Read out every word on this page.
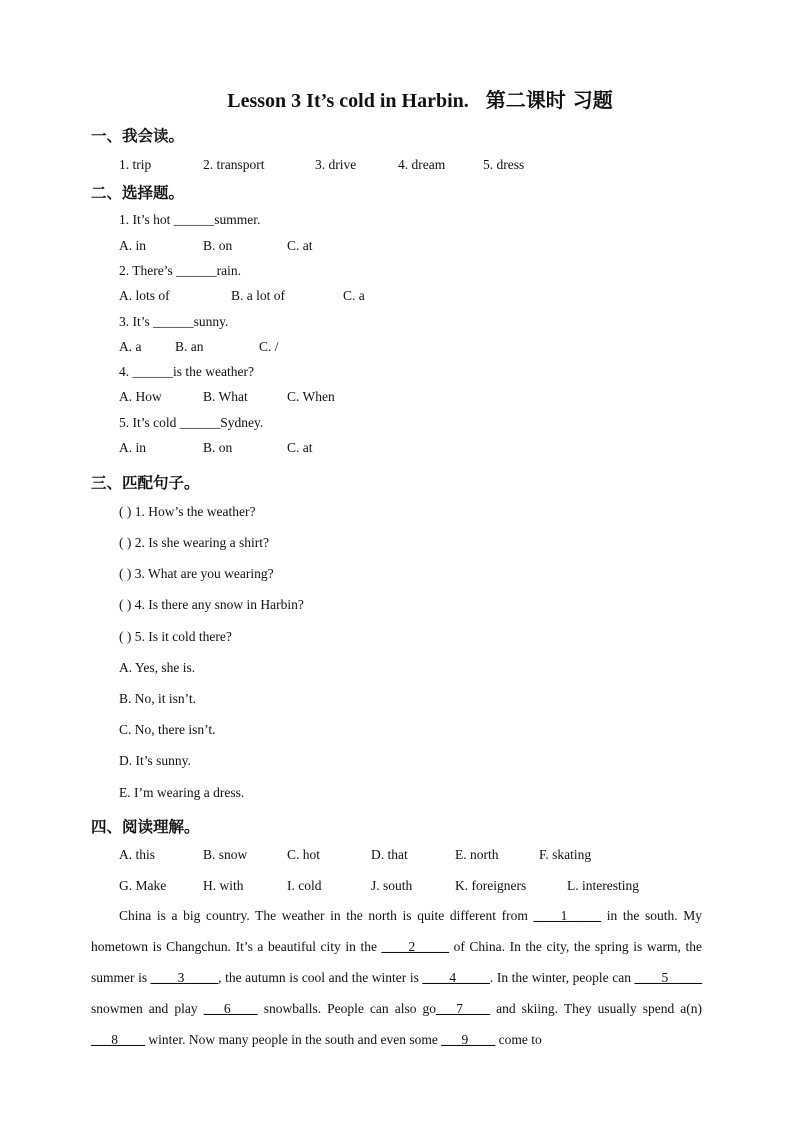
Lesson 3 It’s cold in Harbin. 第二课时 习题
一、我会读。
1. trip	2. transport	3. drive	4. dream	5. dress
二、选择题。
1. It’s hot ______summer.
A. in	B. on	C. at
2. There’s ______rain.
A. lots of	B. a lot of	C. a
3. It’s ______sunny.
A. a B. an	C. /
4. ______is the weather?
A. How	B. What	C. When
5. It’s cold ______Sydney.
A. in	B. on	C. at
三、匹配句子。
( ) 1. How’s the weather?
( ) 2. Is she wearing a shirt?
( ) 3. What are you wearing?
( ) 4. Is there any snow in Harbin?
( ) 5. Is it cold there?
A. Yes, she is.
B. No, it isn’t.
C. No, there isn’t.
D. It’s sunny.
E. I’m wearing a dress.
四、阅读理解。
A. this	B. snow	C. hot	D. that	E. north	F. skating
G. Make	H. with	I. cold	J. south	K. foreigners	L. interesting
China is a big country. The weather in the north is quite different from ____1_____ in the south. My hometown is Changchun. It’s a beautiful city in the ____2_____ of China. In the city, the spring is warm, the summer is ____3_____, the autumn is cool and the winter is ____4_____. In the winter, people can ____5_____ snowmen and play ___6____ snowballs. People can also go___7____ and skiing. They usually spend a(n) ___8____ winter. Now many people in the south and even some ___9____ come to
